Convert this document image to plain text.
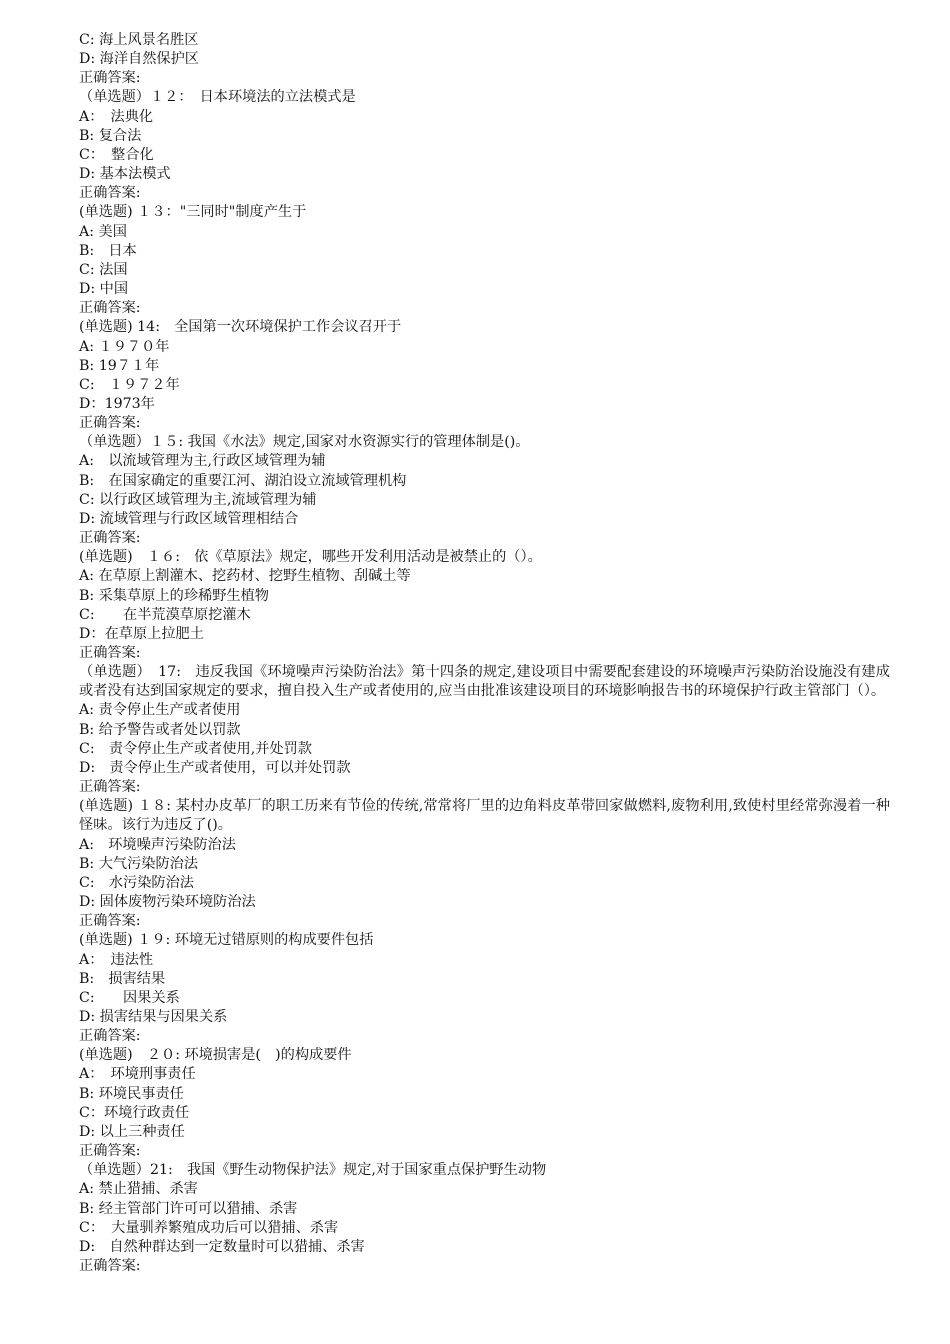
C: 海上风景名胜区
D: 海洋自然保护区
正确答案:
（单选题）１２：　日本环境法的立法模式是
A：　法典化
B: 复合法
C：　整合化
D: 基本法模式
正确答案:
(单选题) １３："三同时"制度产生于
A: 美国
B:　日本
C: 法国
D: 中国
正确答案:
(单选题) 14:　全国第一次环境保护工作会议召开于
A: １９７０年
B: 19７１年
C:　１９７２年
D：1973年
正确答案:
（单选题）１５: 我国《水法》规定,国家对水资源实行的管理体制是()。
A:　以流域管理为主,行政区域管理为辅
B:　在国家确定的重要江河、湖泊设立流域管理机构
C: 以行政区域管理为主,流域管理为辅
D: 流域管理与行政区域管理相结合
正确答案:
(单选题)　１６:　依《草原法》规定，哪些开发利用活动是被禁止的（）。
A: 在草原上割灌木、挖药材、挖野生植物、刮碱土等
B: 采集草原上的珍稀野生植物
C:　　在半荒漠草原挖灌木
D：在草原上拉肥土
正确答案:
（单选题）　17:　违反我国《环境噪声污染防治法》第十四条的规定,建设项目中需要配套建设的环境噪声污染防治设施没有建成或者没有达到国家规定的要求，擅自投入生产或者使用的,应当由批准该建设项目的环境影响报告书的环境保护行政主管部门（）。
A: 责令停止生产或者使用
B: 给予警告或者处以罚款
C:　责令停止生产或者使用,并处罚款
D:　责令停止生产或者使用，可以并处罚款
正确答案:
(单选题) １８: 某村办皮革厂的职工历来有节俭的传统,常常将厂里的边角料皮革带回家做燃料,废物利用,致使村里经常弥漫着一种怪味。该行为违反了()。
A:　环境噪声污染防治法
B: 大气污染防治法
C:　水污染防治法
D: 固体废物污染环境防治法
正确答案:
(单选题) １９: 环境无过错原则的构成要件包括
A：　违法性
B:　损害结果
C:　　因果关系
D: 损害结果与因果关系
正确答案:
(单选题)　２０: 环境损害是(　)的构成要件
A：　环境刑事责任
B: 环境民事责任
C：环境行政责任
D: 以上三种责任
正确答案:
（单选题）21:　我国《野生动物保护法》规定,对于国家重点保护野生动物
A: 禁止猎捕、杀害
B: 经主管部门许可可以猎捕、杀害
C：　大量驯养繁殖成功后可以猎捕、杀害
D:　自然种群达到一定数量时可以猎捕、杀害
正确答案:
